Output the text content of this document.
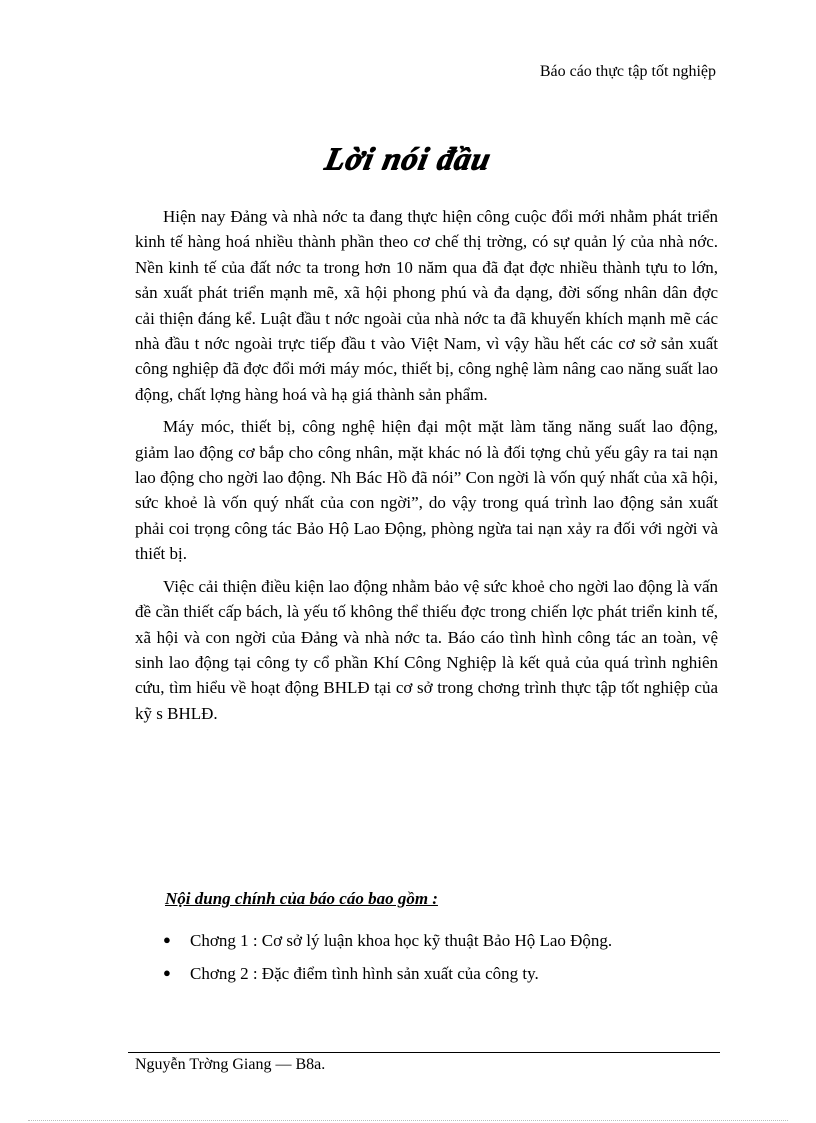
Báo cáo thực tập tốt nghiệp
Lời nói đầu

Hiện nay Đảng và nhà nớc ta đang thực hiện công cuộc đổi mới nhằm phát triển kinh tế hàng hoá nhiều thành phần theo cơ chế thị trờng, có sự quản lý của nhà nớc. Nền kinh tế của đất nớc ta trong hơn 10 năm qua đã đạt đợc nhiều thành tựu to lớn, sản xuất phát triển mạnh mẽ, xã hội phong phú và đa dạng, đời sống nhân dân đợc cải thiện đáng kể. Luật đầu t nớc ngoài của nhà nớc ta đã khuyến khích mạnh mẽ các nhà đầu t nớc ngoài trực tiếp đầu t vào Việt Nam, vì vậy hầu hết các cơ sở sản xuất công nghiệp đã đợc đổi mới máy móc, thiết bị, công nghệ làm nâng cao năng suất lao động, chất lợng hàng hoá và hạ giá thành sản phẩm.

Máy móc, thiết bị, công nghệ hiện đại một mặt làm tăng năng suất lao động, giảm lao động cơ bắp cho công nhân, mặt khác nó là đối tợng chủ yếu gây ra tai nạn lao động cho ngời lao động. Nh Bác Hồ đã nói” Con ngời là vốn quý nhất của xã hội, sức khoẻ là vốn quý nhất của con ngời”, do vậy trong quá trình lao động sản xuất phải coi trọng công tác Bảo Hộ Lao Động, phòng ngừa tai nạn xảy ra đối với ngời và thiết bị.

Việc cải thiện điều kiện lao động nhằm bảo vệ sức khoẻ cho ngời lao động là vấn đề cần thiết cấp bách, là yếu tố không thể thiếu đợc trong chiến lợc phát triển kinh tế, xã hội và con ngời của Đảng và nhà nớc ta. Báo cáo tình hình công tác an toàn, vệ sinh lao động tại công ty cổ phần Khí Công Nghiệp là kết quả của quá trình nghiên cứu, tìm hiểu về hoạt động BHLĐ tại cơ sở trong chơng trình thực tập tốt nghiệp của kỹ s BHLĐ.

Nội dung chính của báo cáo bao gồm :
● Chơng 1 : Cơ sở lý luận khoa học kỹ thuật Bảo Hộ Lao Động.
● Chơng 2 : Đặc điểm tình hình sản xuất của công ty.
Nguyễn Trờng Giang — B8a.
